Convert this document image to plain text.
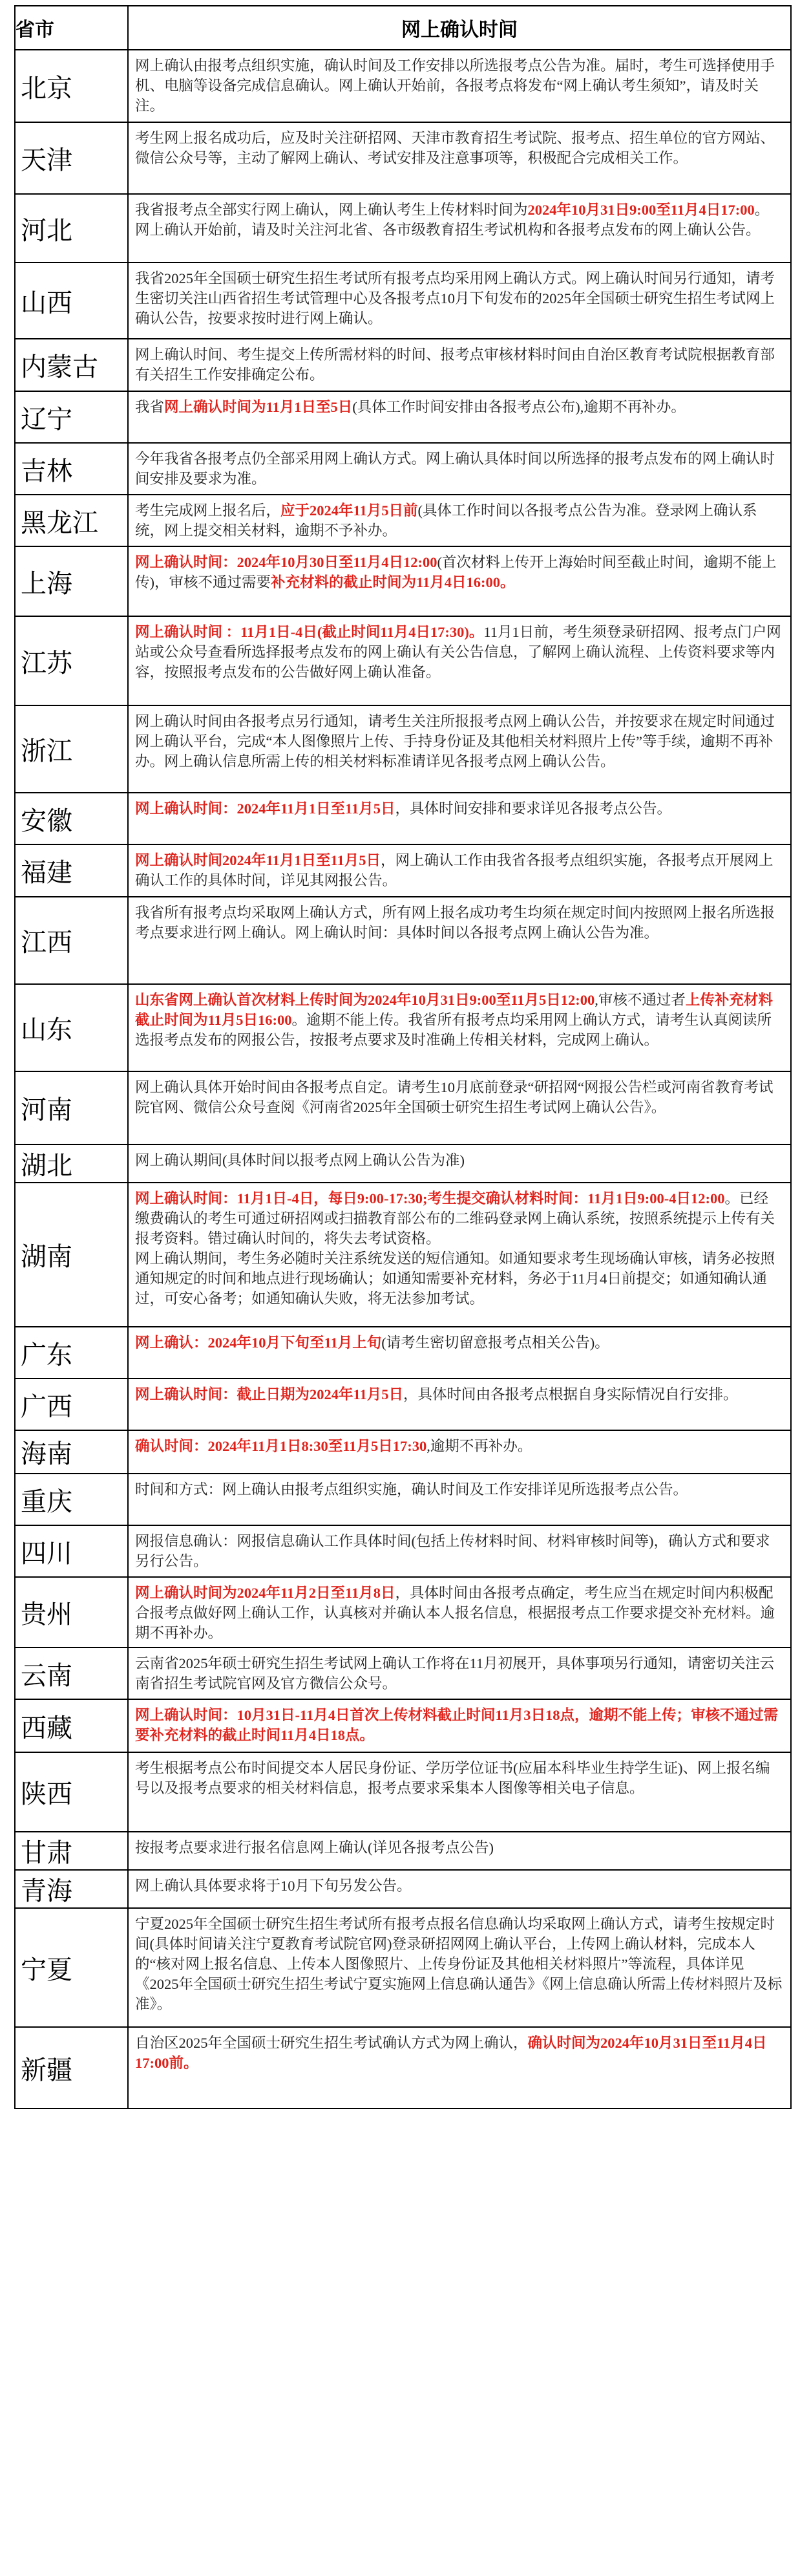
省市	网上确认时间
北京	网上确认由报考点组织实施，确认时间及工作安排以所选报考点公告为准。届时，考生可选择使用手机、电脑等设备完成信息确认。网上确认开始前，各报考点将发布“网上确认考生须知”，请及时关注。

天津	考生网上报名成功后，应及时关注研招网、天津市教育招生考试院、报考点、招生单位的官方网站、微信公众号等，主动了解网上确认、考试安排及注意事项等，积极配合完成相关工作。

河北	我省报考点全部实行网上确认，网上确认考生上传材料时间为2024年10月31日9:00至11月4日17:00。网上确认开始前，请及时关注河北省、各市级教育招生考试机构和各报考点发布的网上确认公告。

山西	我省2025年全国硕士研究生招生考试所有报考点均采用网上确认方式。网上确认时间另行通知，请考生密切关注山西省招生考试管理中心及各报考点10月下旬发布的2025年全国硕士研究生招生考试网上确认公告，按要求按时进行网上确认。

内蒙古	网上确认时间、考生提交上传所需材料的时间、报考点审核材料时间由自治区教育考试院根据教育部有关招生工作安排确定公布。

辽宁	我省网上确认时间为11月1日至5日(具体工作时间安排由各报考点公布),逾期不再补办。

吉林	今年我省各报考点仍全部采用网上确认方式。网上确认具体时间以所选择的报考点发布的网上确认时间安排及要求为准。

黑龙江	考生完成网上报名后，应于2024年11月5日前(具体工作时间以各报考点公告为准。登录网上确认系统，网上提交相关材料，逾期不予补办。

上海	网上确认时间：2024年10月30日至11月4日12:00(首次材料上传开上海始时间至截止时间，逾期不能上传)，审核不通过需要补充材料的截止时间为11月4日16:00。

江苏	网上确认时间 ：11月1日-4日(截止时间11月4日17:30)。11月1日前，考生须登录研招网、报考点门户网站或公众号查看所选择报考点发布的网上确认有关公告信息，了解网上确认流程、上传资料要求等内容，按照报考点发布的公告做好网上确认准备。

浙江	网上确认时间由各报考点另行通知，请考生关注所报报考点网上确认公告，并按要求在规定时间通过网上确认平台，完成“本人图像照片上传、手持身份证及其他相关材料照片上传”等手续，逾期不再补办。网上确认信息所需上传的相关材料标准请详见各报考点网上确认公告。

安徽	网上确认时间：2024年11月1日至11月5日，具体时间安排和要求详见各报考点公告。

福建	网上确认时间2024年11月1日至11月5日，网上确认工作由我省各报考点组织实施，各报考点开展网上确认工作的具体时间，详见其网报公告。

江西	我省所有报考点均采取网上确认方式，所有网上报名成功考生均须在规定时间内按照网上报名所选报考点要求进行网上确认。网上确认时间：具体时间以各报考点网上确认公告为准。

山东	山东省网上确认首次材料上传时间为2024年10月31日9:00至11月5日12:00,审核不通过者上传补充材料截止时间为11月5日16:00。逾期不能上传。我省所有报考点均采用网上确认方式，请考生认真阅读所选报考点发布的网报公告，按报考点要求及时准确上传相关材料，完成网上确认。

河南	网上确认具体开始时间由各报考点自定。请考生10月底前登录“研招网“网报公告栏或河南省教育考试院官网、微信公众号查阅《河南省2025年全国硕士研究生招生考试网上确认公告》。

湖北	网上确认期间(具体时间以报考点网上确认公告为准)

湖南	网上确认时间：11月1日-4日，每日9:00-17:30;考生提交确认材料时间：11月1日9:00-4日12:00。已经缴费确认的考生可通过研招网或扫描教育部公布的二维码登录网上确认系统，按照系统提示上传有关报考资料。错过确认时间的，将失去考试资格。
网上确认期间，考生务必随时关注系统发送的短信通知。如通知要求考生现场确认审核，请务必按照通知规定的时间和地点进行现场确认；如通知需要补充材料，务必于11月4日前提交；如通知确认通过，可安心备考；如通知确认失败，将无法参加考试。

广东	网上确认：2024年10月下旬至11月上旬(请考生密切留意报考点相关公告)。

广西	网上确认时间：截止日期为2024年11月5日，具体时间由各报考点根据自身实际情况自行安排。

海南	确认时间：2024年11月1日8:30至11月5日17:30,逾期不再补办。

重庆	时间和方式：网上确认由报考点组织实施，确认时间及工作安排详见所选报考点公告。

四川	网报信息确认：网报信息确认工作具体时间(包括上传材料时间、材料审核时间等)，确认方式和要求另行公告。

贵州	网上确认时间为2024年11月2日至11月8日，具体时间由各报考点确定，考生应当在规定时间内积极配合报考点做好网上确认工作，认真核对并确认本人报名信息，根据报考点工作要求提交补充材料。逾期不再补办。

云南	云南省2025年硕士研究生招生考试网上确认工作将在11月初展开，具体事项另行通知，请密切关注云南省招生考试院官网及官方微信公众号。

西藏	网上确认时间：10月31日-11月4日首次上传材料截止时间11月3日18点，逾期不能上传；审核不通过需要补充材料的截止时间11月4日18点。

陕西	考生根据考点公布时间提交本人居民身份证、学历学位证书(应届本科毕业生持学生证)、网上报名编号以及报考点要求的相关材料信息，报考点要求采集本人图像等相关电子信息。

甘肃	按报考点要求进行报名信息网上确认(详见各报考点公告)

青海	网上确认具体要求将于10月下旬另发公告。

宁夏	宁夏2025年全国硕士研究生招生考试所有报考点报名信息确认均采取网上确认方式，请考生按规定时间(具体时间请关注宁夏教育考试院官网)登录研招网网上确认平台，上传网上确认材料，完成本人的“核对网上报名信息、上传本人图像照片、上传身份证及其他相关材料照片”等流程，具体详见《2025年全国硕士研究生招生考试宁夏实施网上信息确认通告》《网上信息确认所需上传材料照片及标准》。

新疆	自治区2025年全国硕士研究生招生考试确认方式为网上确认，确认时间为2024年10月31日至11月4日17:00前。
